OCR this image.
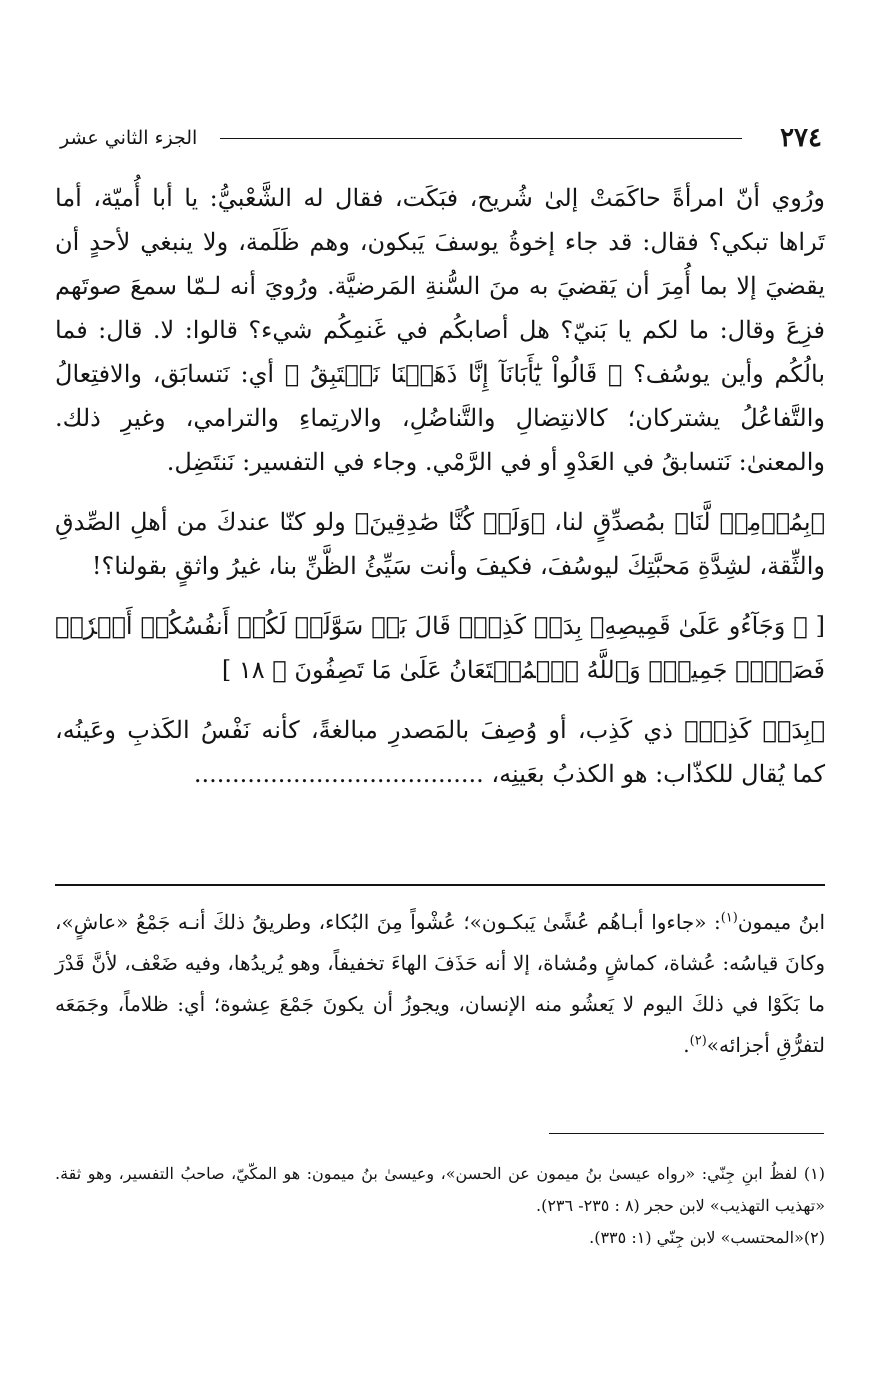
٢٧٤
الجزء الثاني عشر

ورُوي أنّ امرأةً حاكَمَتْ إلىٰ شُريح، فبَكَت، فقال له الشَّعْبيُّ: يا أبا أُميّة، أما تَراها تبكي؟ فقال: قد جاء إخوةُ يوسفَ يَبكون، وهم ظَلَمة، ولا ينبغي لأحدٍ أن يقضيَ إلا بما أُمِرَ أن يَقضيَ به منَ السُّنةِ المَرضيَّة. ورُويَ أنه لـمّا سمعَ صوتَهم فزِعَ وقال: ما لكم يا بَنيّ؟ هل أصابكُم في غَنمِكُم شيء؟ قالوا: لا. قال: فما بالُكُم وأين يوسُف؟ ﴿ قَالُواْ يَٰٓأَبَانَآ إِنَّا ذَهَبۡنَا نَسۡتَبِقُ ﴾ أي: نَتسابَق، والافتِعالُ والتَّفاعُلُ يشتركان؛ كالانتِضالِ والتَّناضُلِ، والارتِماءِ والترامي، وغيرِ ذلك. والمعنىٰ: نَتسابقُ في العَدْوِ أو في الرَّمْي. وجاء في التفسير: نَنتَضِل.

﴿بِمُؤۡمِنٖ لَّنَا﴾ بمُصدِّقٍ لنا، ﴿وَلَوۡ كُنَّا صَٰدِقِينَ﴾ ولو كنّا عندكَ من أهلِ الصِّدقِ والثِّقة، لشِدَّةِ مَحبَّتِكَ ليوسُفَ، فكيفَ وأنت سَيِّئُ الظَّنِّ بنا، غيرُ واثقٍ بقولنا؟!

[ ﴿ وَجَآءُو عَلَىٰ قَمِيصِهِۦ بِدَمٖ كَذِبٖۚ قَالَ بَلۡ سَوَّلَتۡ لَكُمۡ أَنفُسُكُمۡ أَمۡرٗاۖ فَصَبۡرٞ جَمِيلٞۖ وَٱللَّهُ ٱلۡمُسۡتَعَانُ عَلَىٰ مَا تَصِفُونَ ﴾ ١٨ ]

﴿بِدَمٖ كَذِبٖ﴾ ذي كَذِب، أو وُصِفَ بالمَصدرِ مبالغةً، كأنه نَفْسُ الكَذبِ وعَينُه، كما يُقال للكذّاب: هو الكذبُ بعَينِه، ......................................

ابنُ ميمون$^{(١)}$: «جاءوا أبـاهُم عُشًىٰ يَبكـون»؛ عُشْواً مِنَ البُكاء، وطريقُ ذلكَ أنـه جَمْعُ «عاشٍ»، وكانَ قياسُه: عُشاة، كماشٍ ومُشاة، إلا أنه حَذَفَ الهاءَ تخفيفاً، وهو يُريدُها، وفيه ضَعْف، لأنَّ قَدْرَ ما بَكَوْا في ذلكَ اليوم لا يَعشُو منه الإنسان، ويجوزُ أن يكونَ جَمْعَ عِشوة؛ أي: ظلاماً، وجَمَعَه لتفرُّقِ أجزائه»$^{(٢)}$.

(١) لفظُ ابنِ جِنّي: «رواه عيسىٰ بنُ ميمون عن الحسن»، وعيسىٰ بنُ ميمون: هو المكّيّ، صاحبُ التفسير، وهو ثقة. «تهذيب التهذيب» لابن حجر (٨ : ٢٣٥- ٢٣٦).

(٢)«المحتسب» لابن جِنّي (١: ٣٣٥).
